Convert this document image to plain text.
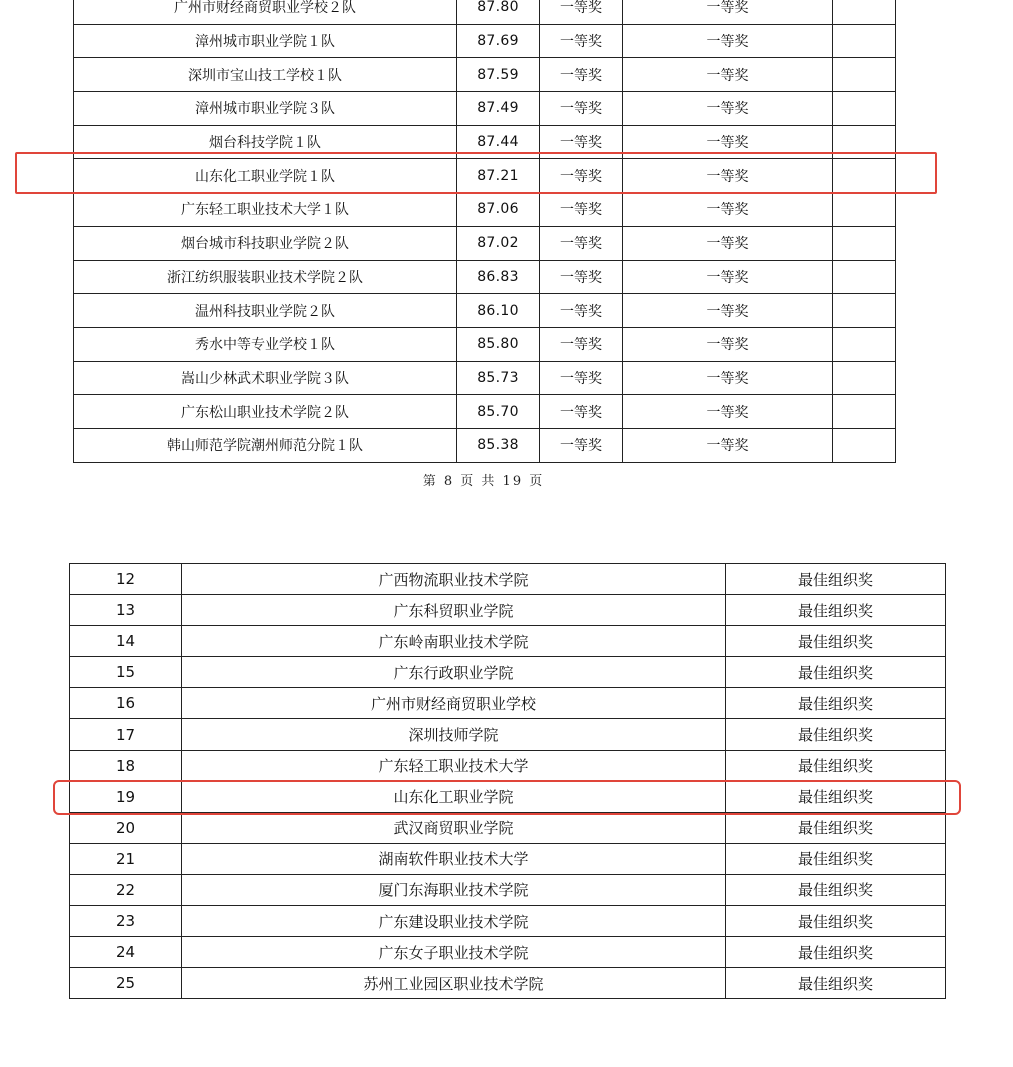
广州市财经商贸职业学校２队	87.80	一等奖	一等奖	
漳州城市职业学院１队	87.69	一等奖	一等奖	
深圳市宝山技工学校１队	87.59	一等奖	一等奖	
漳州城市职业学院３队	87.49	一等奖	一等奖	
烟台科技学院１队	87.44	一等奖	一等奖	
山东化工职业学院１队	87.21	一等奖	一等奖	
广东轻工职业技术大学１队	87.06	一等奖	一等奖	
烟台城市科技职业学院２队	87.02	一等奖	一等奖	
浙江纺织服装职业技术学院２队	86.83	一等奖	一等奖	
温州科技职业学院２队	86.10	一等奖	一等奖	
秀水中等专业学校１队	85.80	一等奖	一等奖	
嵩山少林武术职业学院３队	85.73	一等奖	一等奖	
广东松山职业技术学院２队	85.70	一等奖	一等奖	
韩山师范学院潮州师范分院１队	85.38	一等奖	一等奖	
第 8 页 共 19 页
12	广西物流职业技术学院	最佳组织奖
13	广东科贸职业学院	最佳组织奖
14	广东岭南职业技术学院	最佳组织奖
15	广东行政职业学院	最佳组织奖
16	广州市财经商贸职业学校	最佳组织奖
17	深圳技师学院	最佳组织奖
18	广东轻工职业技术大学	最佳组织奖
19	山东化工职业学院	最佳组织奖
20	武汉商贸职业学院	最佳组织奖
21	湖南软件职业技术大学	最佳组织奖
22	厦门东海职业技术学院	最佳组织奖
23	广东建设职业技术学院	最佳组织奖
24	广东女子职业技术学院	最佳组织奖
25	苏州工业园区职业技术学院	最佳组织奖
